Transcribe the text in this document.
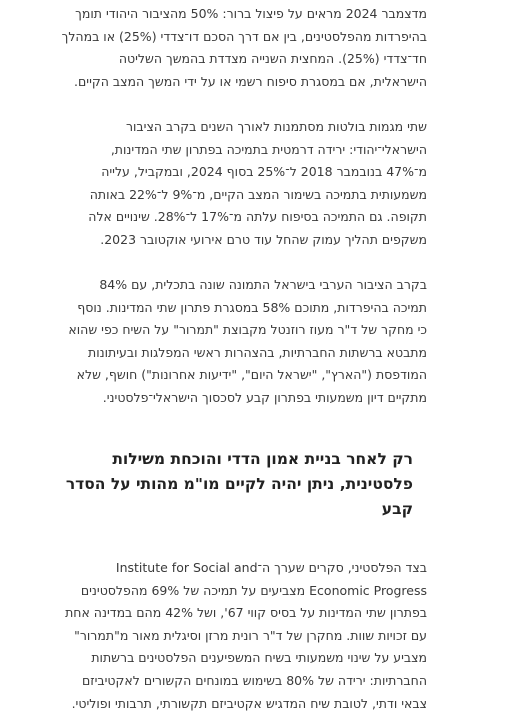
מדצמבר 2024 מראים על פיצול ברור: 50% מהציבור היהודי תומך
בהיפרדות מהפלסטינים, בין אם דרך הסכם דו־צדדי (25%) או במהלך
חד־צדדי (25%). המחצית השנייה מצדדת בהמשך השליטה
הישראלית, אם במסגרת סיפוח רשמי או על ידי המשך המצב הקיים.

שתי מגמות בולטות מסתמנות לאורך השנים בקרב הציבור
הישראלי־יהודי: ירידה דרמטית בתמיכה בפתרון שתי המדינות,
מ־47% בנובמבר 2018 ל־25% בסוף 2024, ובמקביל, עלייה
משמעותית בתמיכה בשימור המצב הקיים, מ־9% ל־22% באותה
תקופה. גם התמיכה בסיפוח עלתה מ־17% ל־28%. שינויים אלה
משקפים תהליך עמוק שהחל עוד טרם אירועי אוקטובר 2023.

בקרב הציבור הערבי בישראל התמונה שונה בתכלית, עם 84%
תמיכה בהיפרדות, מתוכם 58% במסגרת פתרון שתי המדינות. נוסף
כי מחקר של ד"ר מעוז רוזנטל מקבוצת "תמרור" על השיח כפי שהוא
מתבטא ברשתות החברתיות, בהצהרות ראשי המפלגות ובעיתונות
המודפסת ("הארץ", "ישראל היום", "ידיעות אחרונות") חושף, שלא
מתקיים דיון משמעותי בפתרון קבע לסכסוך הישראלי־פלסטיני.

רק לאחר בניית אמון הדדי והוכחת משילות
פלסטינית, ניתן יהיה לקיים מו"מ מהותי על הסדר
קבע

בצד הפלסטיני, סקרים שערך ה־Institute for Social and
Economic Progress מצביעים על תמיכה של 69% מהפלסטינים
בפתרון שתי המדינות על בסיס קווי 67', ושל 42% מהם במדינה אחת
עם זכויות שוות. מחקרן של ד"ר רונית מרזן וסיגלית מאור מ"תמרור"
מצביע על שינוי משמעותי בשיח המשפיענים הפלסטינים ברשתות
החברתיות: ירידה של 80% בשימוש במונחים הקשורים לאקטיביזם
צבאי ודתי, לטובת שיח המדגיש אקטיביזם תקשורתי, תרבותי ופוליטי.
